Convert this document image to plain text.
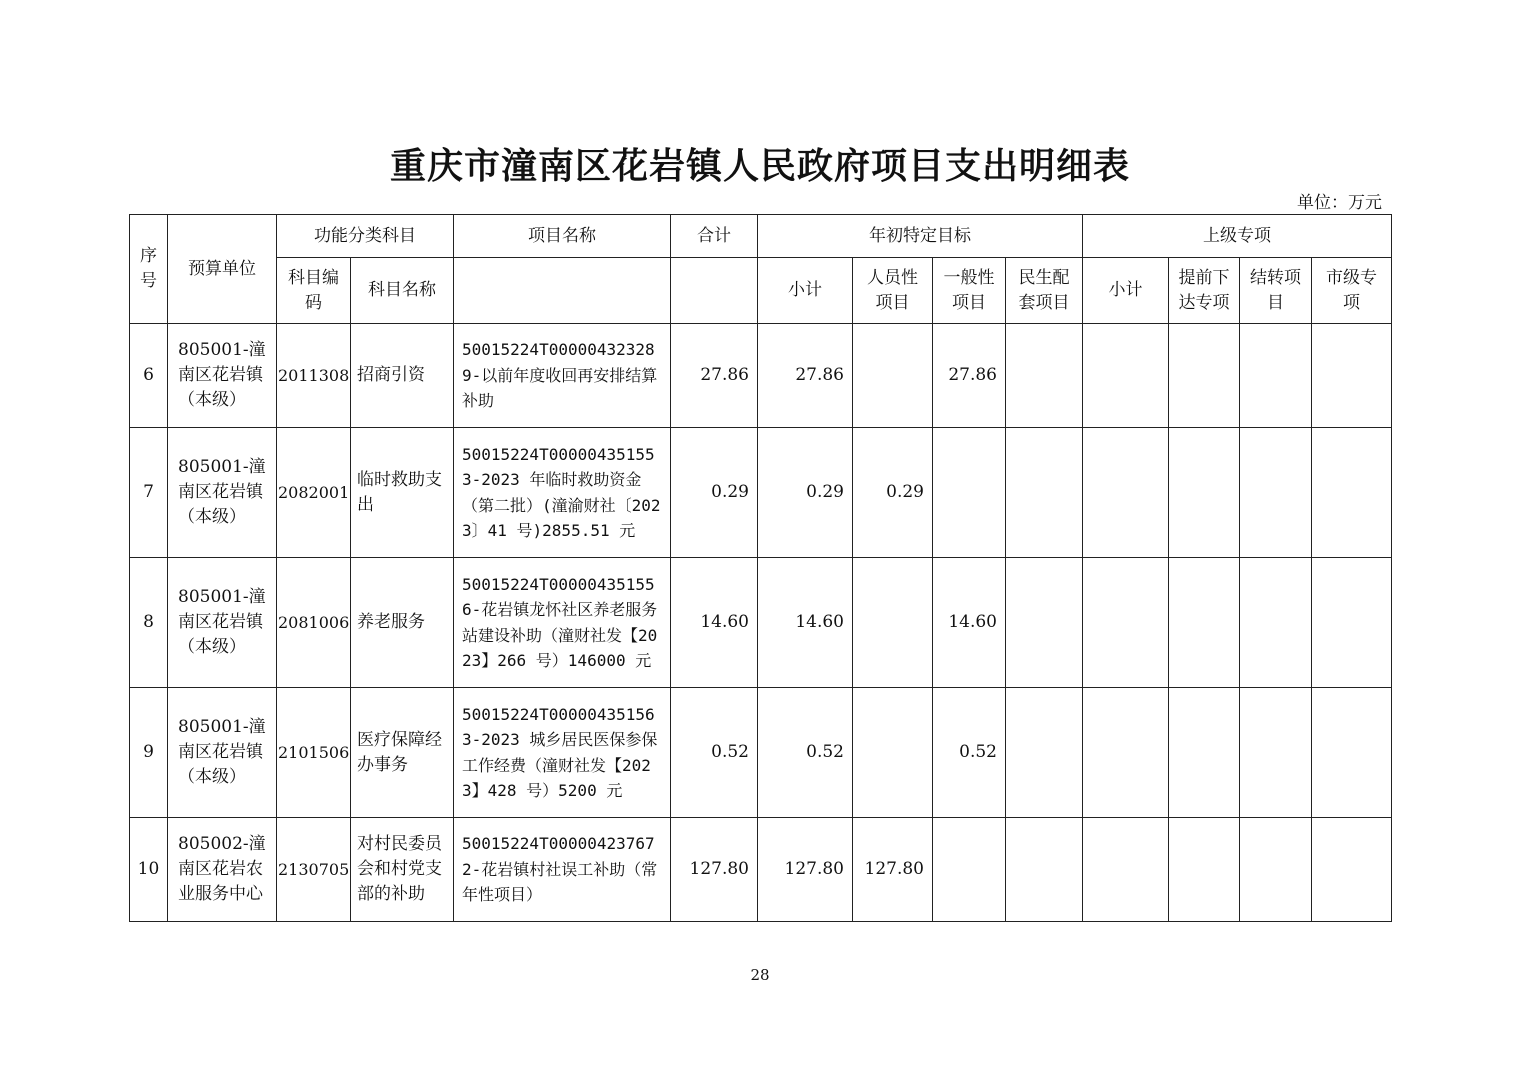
重庆市潼南区花岩镇人民政府项目支出明细表
单位：万元
序号	预算单位	功能分类科目		项目名称	合计	年初特定目标				上级专项			
		科目编码	科目名称			小计	人员性项目	一般性项目	民生配套项目	小计	提前下达专项	结转项目	市级专项
6	805001-潼南区花岩镇（本级）	2011308	招商引资	50015224T000004323289-以前年度收回再安排结算补助	27.86	27.86		27.86					
7	805001-潼南区花岩镇（本级）	2082001	临时救助支出	50015224T000004351553-2023 年临时救助资金（第二批）(潼渝财社〔2023〕41 号)2855.51 元	0.29	0.29	0.29						
8	805001-潼南区花岩镇（本级）	2081006	养老服务	50015224T000004351556-花岩镇龙怀社区养老服务站建设补助（潼财社发【2023】266 号）146000 元	14.60	14.60		14.60					
9	805001-潼南区花岩镇（本级）	2101506	医疗保障经办事务	50015224T000004351563-2023 城乡居民医保参保工作经费（潼财社发【2023】428 号）5200 元	0.52	0.52		0.52					
10	805002-潼南区花岩农业服务中心	2130705	对村民委员会和村党支部的补助	50015224T000004237672-花岩镇村社误工补助（常年性项目）	127.80	127.80	127.80						
28
